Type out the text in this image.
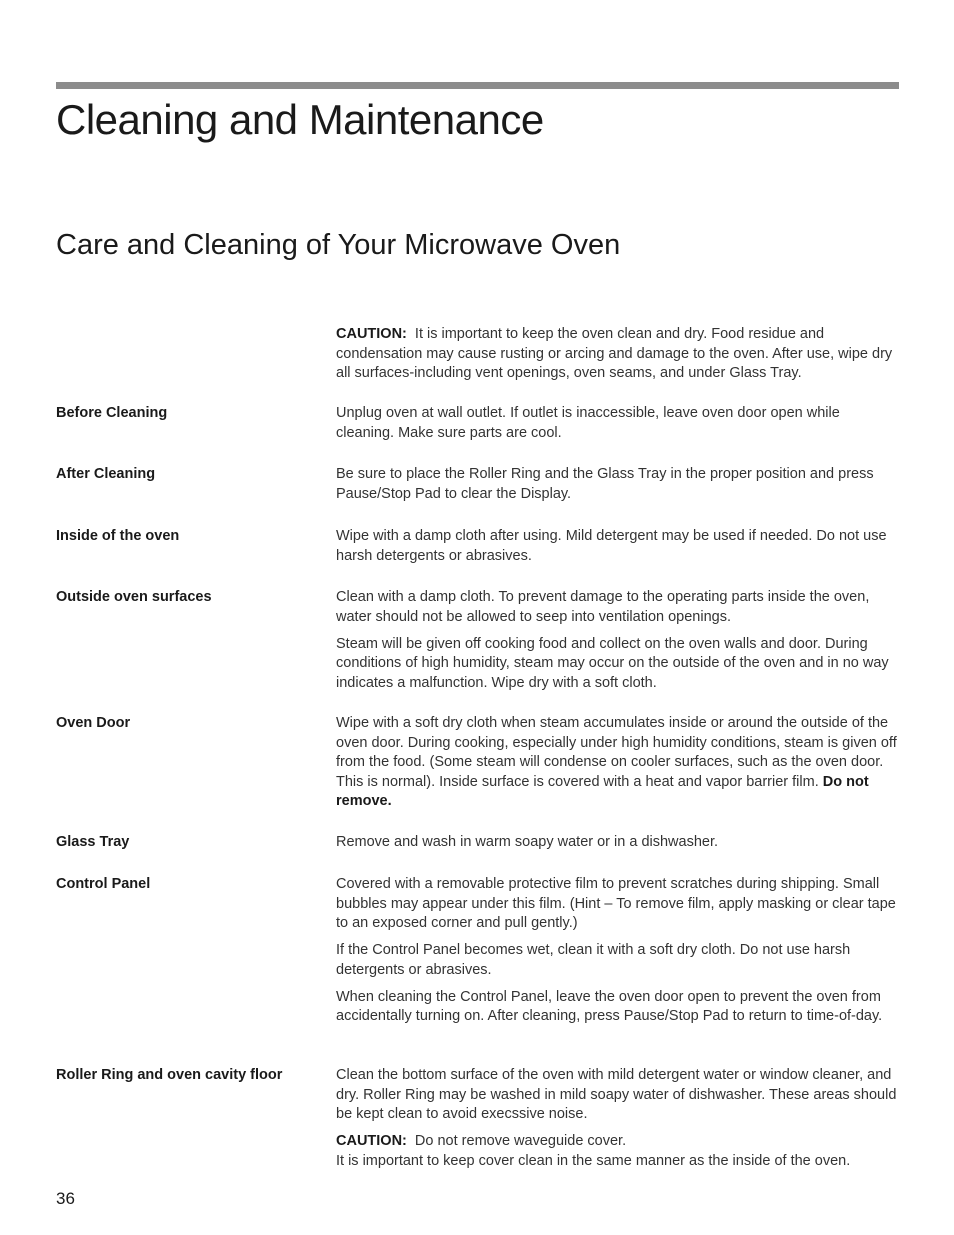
Cleaning and Maintenance
Care and Cleaning of Your Microwave Oven

CAUTION: It is important to keep the oven clean and dry. Food residue and condensation may cause rusting or arcing and damage to the oven. After use, wipe dry all surfaces-including vent openings, oven seams, and under Glass Tray.

Before Cleaning	Unplug oven at wall outlet. If outlet is inaccessible, leave oven door open while cleaning. Make sure parts are cool.

After Cleaning	Be sure to place the Roller Ring and the Glass Tray in the proper position and press Pause/Stop Pad to clear the Display.

Inside of the oven	Wipe with a damp cloth after using. Mild detergent may be used if needed. Do not use harsh detergents or abrasives.

Outside oven surfaces	Clean with a damp cloth. To prevent damage to the operating parts inside the oven, water should not be allowed to seep into ventilation openings.

Steam will be given off cooking food and collect on the oven walls and door. During conditions of high humidity, steam may occur on the outside of the oven and in no way indicates a malfunction. Wipe dry with a soft cloth.

Oven Door	Wipe with a soft dry cloth when steam accumulates inside or around the outside of the oven door. During cooking, especially under high humidity conditions, steam is given off from the food. (Some steam will condense on cooler surfaces, such as the oven door. This is normal). Inside surface is covered with a heat and vapor barrier film. Do not remove.

Glass Tray	Remove and wash in warm soapy water or in a dishwasher.

Control Panel	Covered with a removable protective film to prevent scratches during shipping. Small bubbles may appear under this film. (Hint – To remove film, apply masking or clear tape to an exposed corner and pull gently.)

If the Control Panel becomes wet, clean it with a soft dry cloth. Do not use harsh detergents or abrasives.

When cleaning the Control Panel, leave the oven door open to prevent the oven from accidentally turning on. After cleaning, press Pause/Stop Pad to return to time-of-day.

Roller Ring and oven cavity floor	Clean the bottom surface of the oven with mild detergent water or window cleaner, and dry. Roller Ring may be washed in mild soapy water of dishwasher. These areas should be kept clean to avoid execssive noise.

CAUTION: Do not remove waveguide cover.
It is important to keep cover clean in the same manner as the inside of the oven.

36
